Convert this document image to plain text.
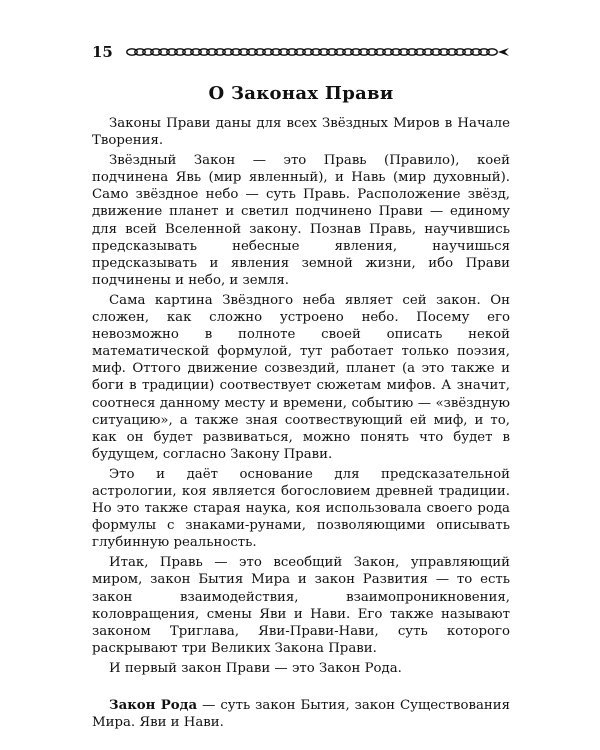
15
О Законах Прави

Законы Прави даны для всех Звёздных Миров в Начале Творения.

Звёздный Закон — это Правь (Правило), коей подчинена Явь (мир явленный), и Навь (мир духовный). Само звёздное небо — суть Правь. Расположение звёзд, движение планет и светил подчинено Прави — единому для всей Вселенной закону. Познав Правь, научившись предсказывать небесные явления, научишься предсказывать и явления земной жизни, ибо Прави подчинены и небо, и земля.

Сама картина Звёздного неба являет сей закон. Он сложен, как сложно устроено небо. Посему его невозможно в полноте своей описать некой математической формулой, тут работает только поэзия, миф. Оттого движение созвездий, планет (а это также и боги в традиции) соотвествует сюжетам мифов. А значит, соотнеся данному месту и времени, событию — «звёздную ситуацию», а также зная соотвествующий ей миф, и то, как он будет развиваться, можно понять что будет в будущем, согласно Закону Прави.

Это и даёт основание для предсказательной астрологии, коя является богословием древней традиции. Но это также старая наука, коя использовала своего рода формулы с знаками-рунами, позволяющими описывать глубинную реальность.

Итак, Правь — это всеобщий Закон, управляющий миром, закон Бытия Мира и закон Развития — то есть закон взаимодействия, взаимопроникновения, коловращения, смены Яви и Нави. Его также называют законом Триглава, Яви-Прави-Нави, суть которого раскрывают три Великих Закона Прави.

И первый закон Прави — это Закон Рода.

Закон Рода — суть закон Бытия, закон Существования Мира. Яви и Нави.
